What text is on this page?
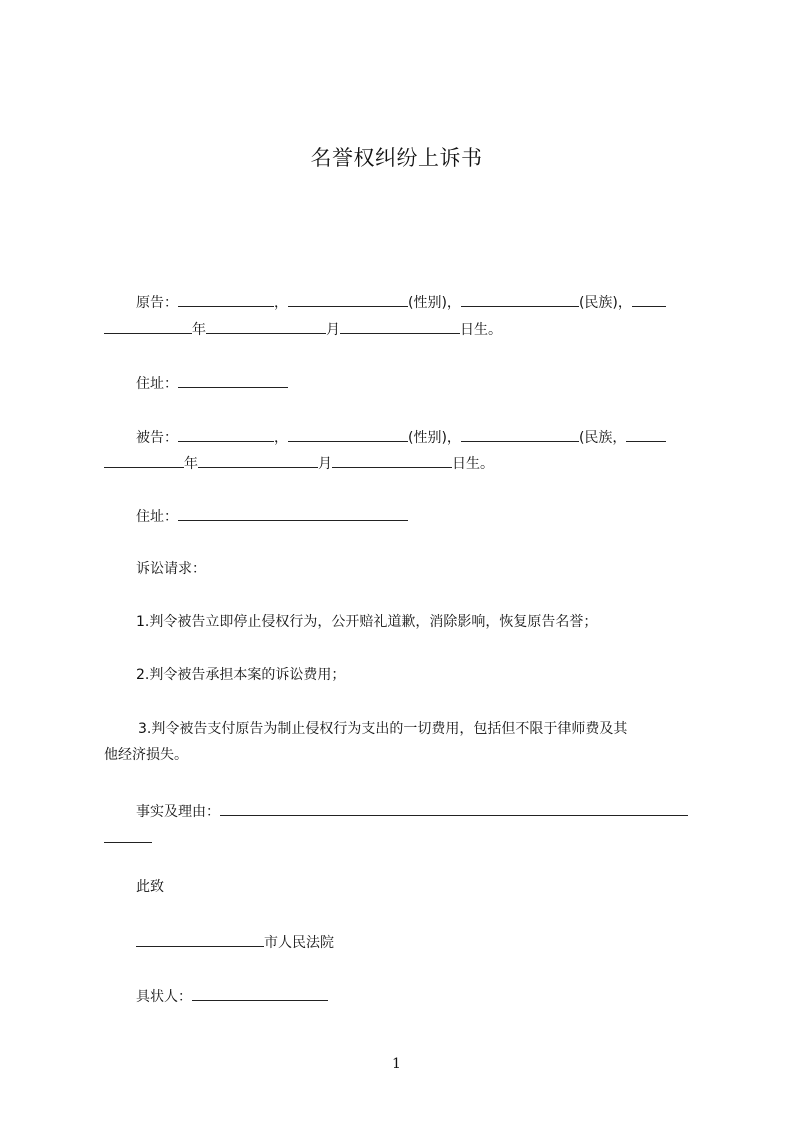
名誉权纠纷上诉书
原告：	，	(性别)，	(民族)，
年	月	日生。
住址：
被告：	，	(性别)，	(民族，
年	月	日生。
住址：
诉讼请求：
1.判令被告立即停止侵权行为，公开赔礼道歉，消除影响，恢复原告名誉；
2.判令被告承担本案的诉讼费用；
3.判令被告支付原告为制止侵权行为支出的一切费用，包括但不限于律师费及其
他经济损失。
事实及理由：
此致
市人民法院
具状人：
1
